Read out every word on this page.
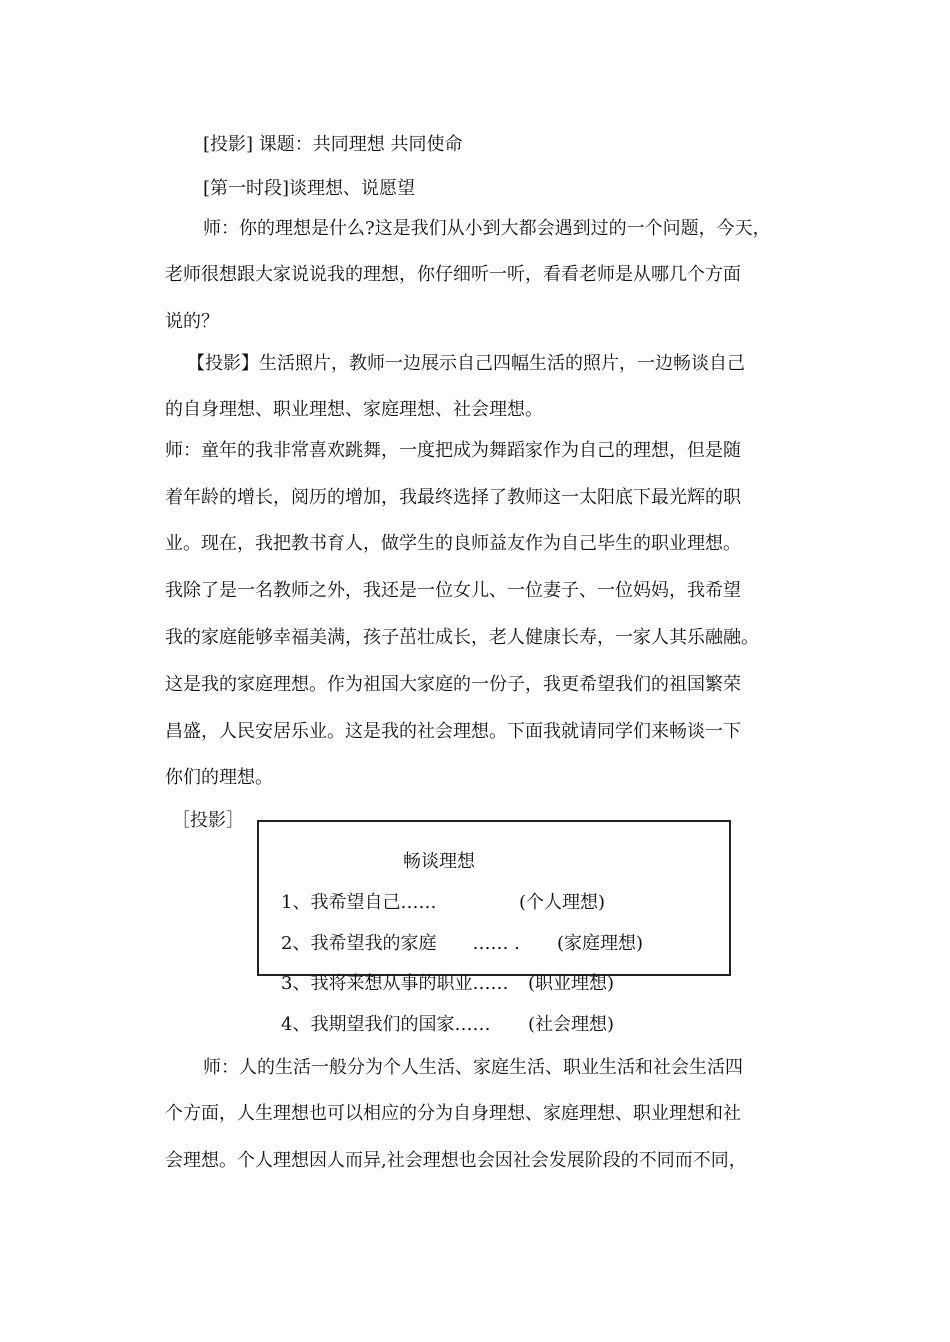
[投影] 课题：共同理想 共同使命
[第一时段]谈理想、说愿望
师：你的理想是什么?这是我们从小到大都会遇到过的一个问题，今天，
老师很想跟大家说说我的理想，你仔细听一听，看看老师是从哪几个方面
说的？
【投影】生活照片，教师一边展示自己四幅生活的照片，一边畅谈自己
的自身理想、职业理想、家庭理想、社会理想。
师：童年的我非常喜欢跳舞，一度把成为舞蹈家作为自己的理想，但是随
着年龄的增长，阅历的增加，我最终选择了教师这一太阳底下最光辉的职
业。现在，我把教书育人，做学生的良师益友作为自己毕生的职业理想。
我除了是一名教师之外，我还是一位女儿、一位妻子、一位妈妈，我希望
我的家庭能够幸福美满，孩子茁壮成长，老人健康长寿，一家人其乐融融。
这是我的家庭理想。作为祖国大家庭的一份子，我更希望我们的祖国繁荣
昌盛，人民安居乐业。这是我的社会理想。下面我就请同学们来畅谈一下
你们的理想。
［投影］
畅谈理想
1、我希望自己……	(个人理想)
2、我希望我的家庭　　…… . (家庭理想)
3、我将来想从事的职业…… (职业理想)
4、我期望我们的国家…… (社会理想)
师：人的生活一般分为个人生活、家庭生活、职业生活和社会生活四
个方面，人生理想也可以相应的分为自身理想、家庭理想、职业理想和社
会理想。个人理想因人而异,社会理想也会因社会发展阶段的不同而不同，
